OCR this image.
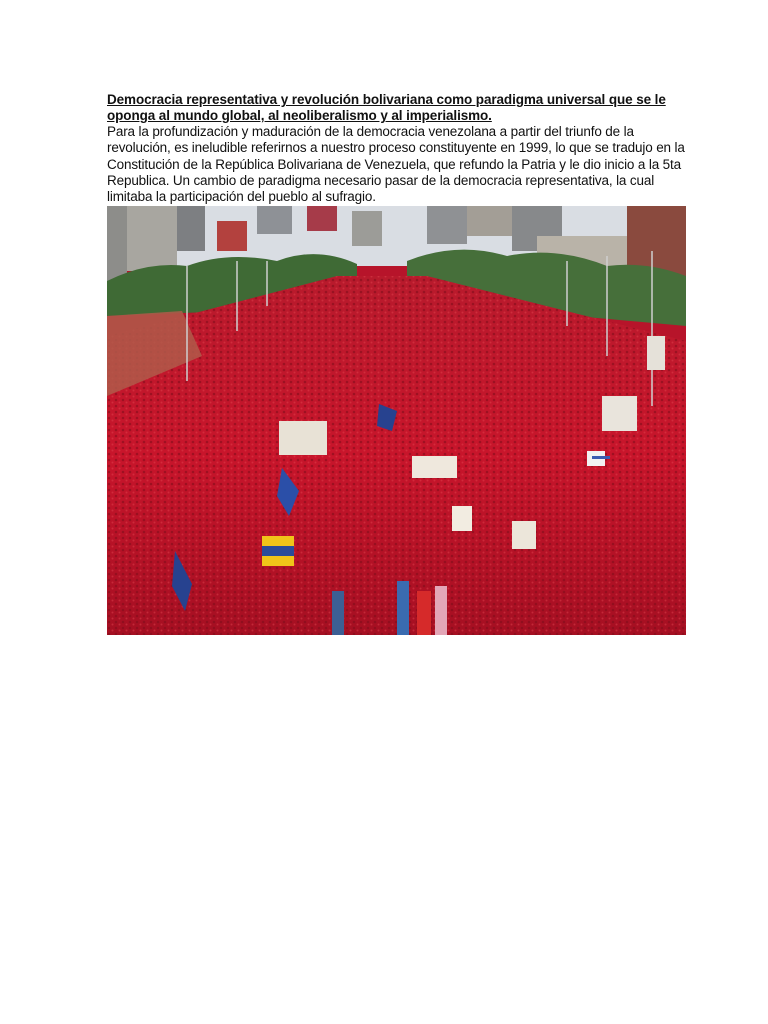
Democracia representativa y revolución bolivariana como paradigma universal que se le oponga al mundo global, al neoliberalismo y al imperialismo.

Para la profundización y maduración de la democracia venezolana a partir del triunfo de la revolución, es ineludible referirnos a nuestro proceso constituyente en 1999, lo que se tradujo en la Constitución de la República Bolivariana de Venezuela, que refundo la Patria y le dio inicio a la 5ta Republica. Un cambio de paradigma necesario pasar de la democracia representativa, la cual limitaba la participación del pueblo al sufragio.
